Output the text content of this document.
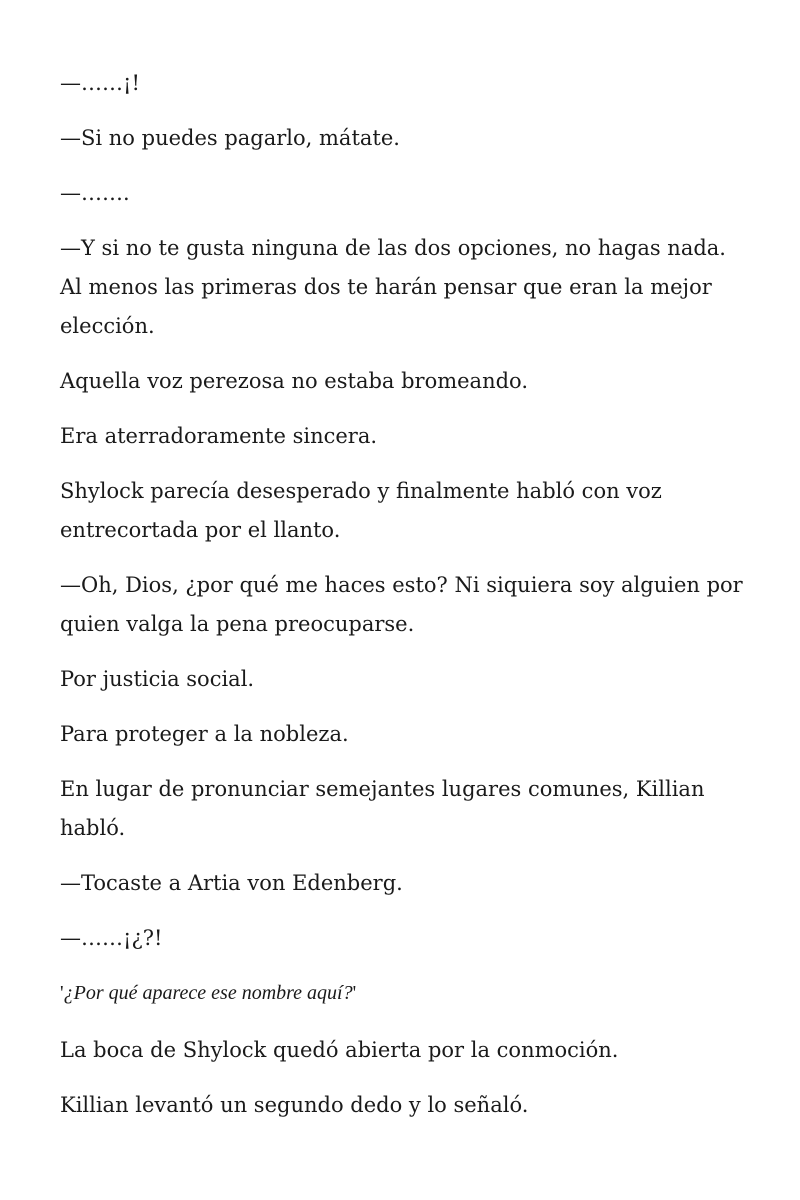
—……¡!

—Si no puedes pagarlo, mátate.

—…….

—Y si no te gusta ninguna de las dos opciones, no hagas nada. Al menos las primeras dos te harán pensar que eran la mejor elección.

Aquella voz perezosa no estaba bromeando.

Era aterradoramente sincera.

Shylock parecía desesperado y finalmente habló con voz entrecortada por el llanto.

—Oh, Dios, ¿por qué me haces esto? Ni siquiera soy alguien por quien valga la pena preocuparse.

Por justicia social.

Para proteger a la nobleza.

En lugar de pronunciar semejantes lugares comunes, Killian habló.

—Tocaste a Artia von Edenberg.

—……¡¿?!

'¿Por qué aparece ese nombre aquí?'

La boca de Shylock quedó abierta por la conmoción.

Killian levantó un segundo dedo y lo señaló.
